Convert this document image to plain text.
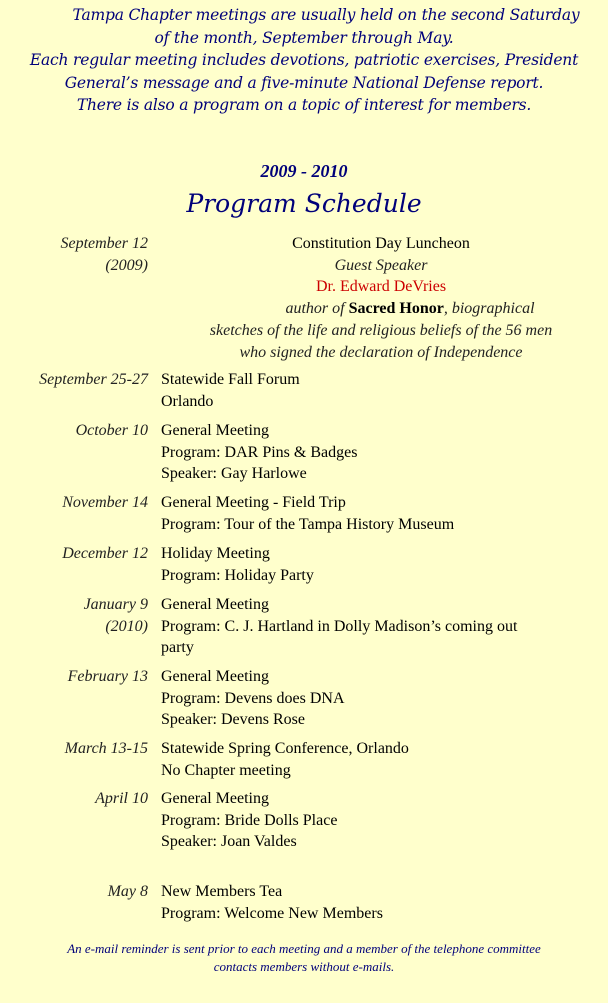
Tampa Chapter meetings are usually held on the second Saturday
of the month, September through May.
Each regular meeting includes devotions, patriotic exercises, President
General’s message and a five-minute National Defense report.
There is also a program on a topic of interest for members.
2009 - 2010
Program Schedule
September 12
(2009)
Constitution Day Luncheon
Guest Speaker
Dr. Edward DeVries
author of Sacred Honor, biographical
sketches of the life and religious beliefs of the 56 men
who signed the declaration of Independence
September 25-27 Statewide Fall Forum
Orlando
October 10 General Meeting
Program: DAR Pins & Badges
Speaker: Gay Harlowe
November 14 General Meeting - Field Trip
Program: Tour of the Tampa History Museum
December 12 Holiday Meeting
Program: Holiday Party
January 9
(2010)
General Meeting
Program: C. J. Hartland in Dolly Madison’s coming out
party
February 13 General Meeting
Program: Devens does DNA
Speaker: Devens Rose
March 13-15 Statewide Spring Conference, Orlando
No Chapter meeting
April 10 General Meeting
Program: Bride Dolls Place
Speaker: Joan Valdes
May 8 New Members Tea
Program: Welcome New Members
An e-mail reminder is sent prior to each meeting and a member of the telephone committee
contacts members without e-mails.
